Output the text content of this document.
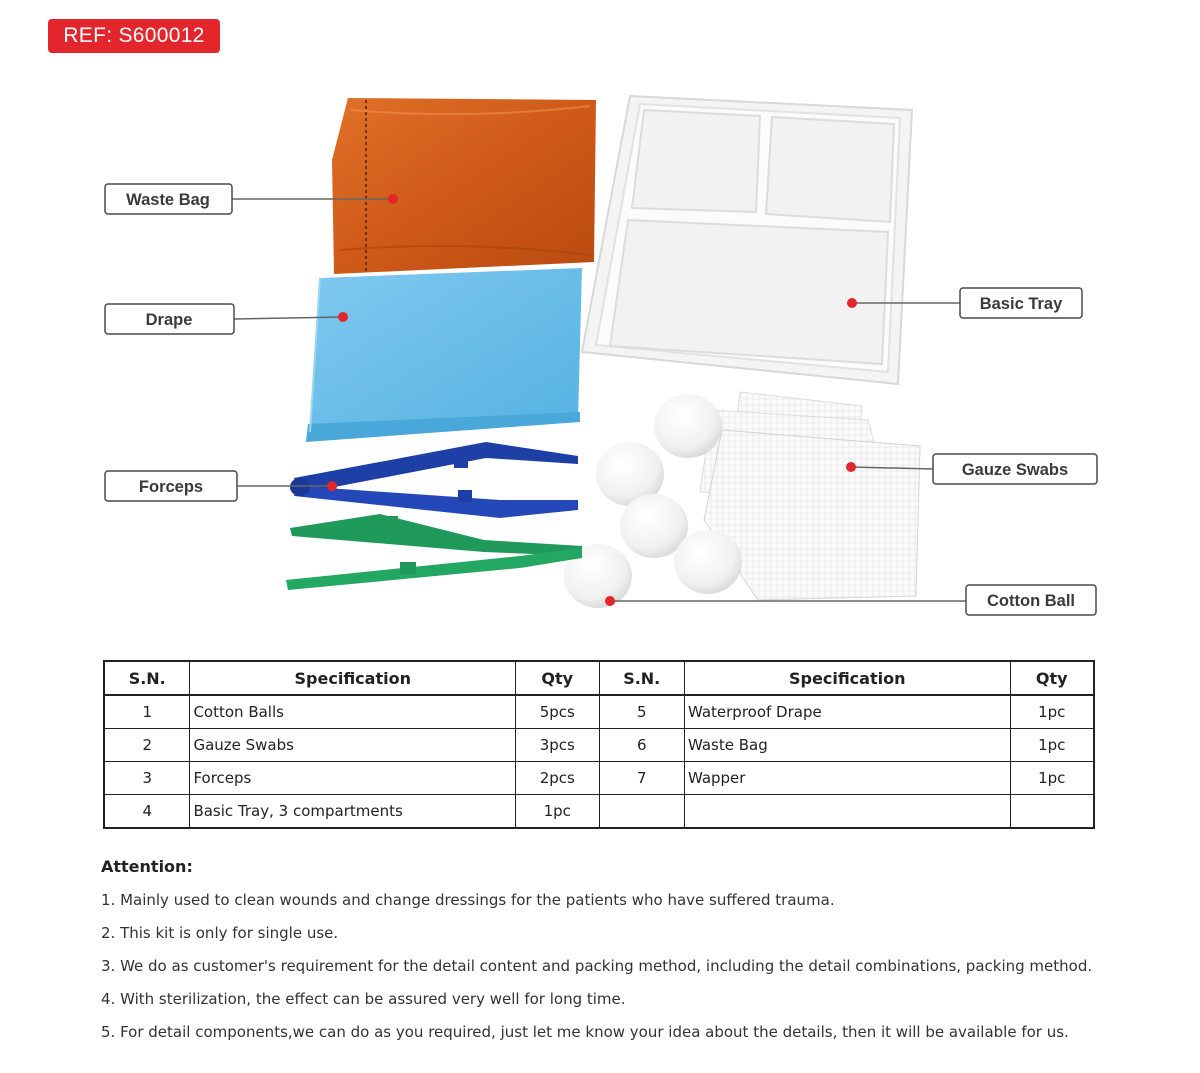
REF: S600012
Waste Bag
Drape
Forceps
Basic Tray
Gauze Swabs
Cotton Ball
S.N.	Specification	Qty	S.N.	Specification	Qty
1	Cotton Balls	5pcs	5	Waterproof Drape	1pc
2	Gauze Swabs	3pcs	6	Waste Bag	1pc
3	Forceps	2pcs	7	Wapper	1pc
4	Basic Tray, 3 compartments	1pc			
Attention:

1. Mainly used to clean wounds and change dressings for the patients who have suffered trauma.

2. This kit is only for single use.

3. We do as customer's requirement for the detail content and packing method, including the detail combinations, packing method.

4. With sterilization, the effect can be assured very well for long time.

5. For detail components,we can do as you required, just let me know your idea about the details, then it will be available for us.
